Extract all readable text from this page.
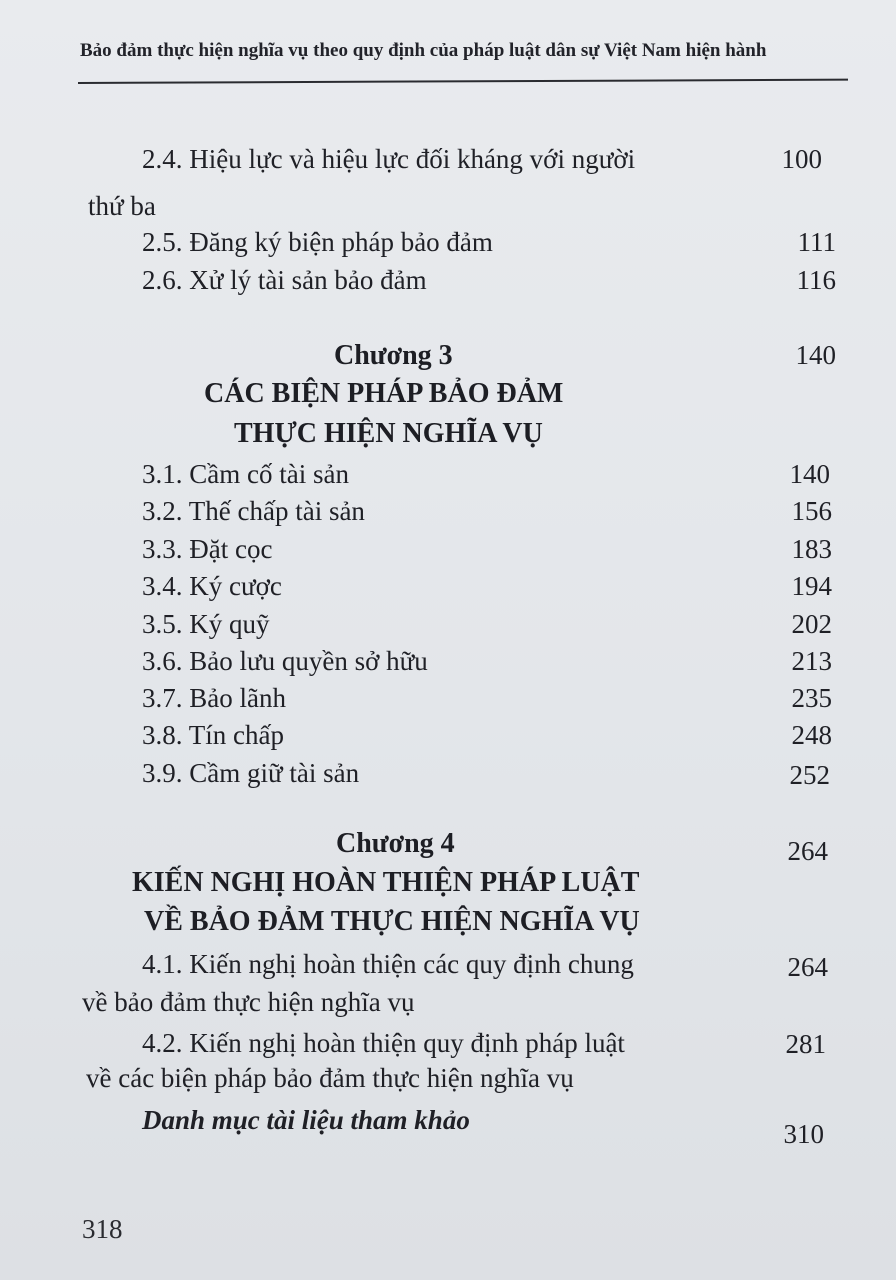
Bảo đảm thực hiện nghĩa vụ theo quy định của pháp luật dân sự Việt Nam hiện hành
2.4. Hiệu lực và hiệu lực đối kháng với người	100
thứ ba
2.5. Đăng ký biện pháp bảo đảm	111
2.6. Xử lý tài sản bảo đảm	116
Chương 3	140
CÁC BIỆN PHÁP BẢO ĐẢM
THỰC HIỆN NGHĨA VỤ
3.1. Cầm cố tài sản	140
3.2. Thế chấp tài sản	156
3.3. Đặt cọc	183
3.4. Ký cược	194
3.5. Ký quỹ	202
3.6. Bảo lưu quyền sở hữu	213
3.7. Bảo lãnh	235
3.8. Tín chấp	248
3.9. Cầm giữ tài sản	252
Chương 4	264
KIẾN NGHỊ HOÀN THIỆN PHÁP LUẬT
VỀ BẢO ĐẢM THỰC HIỆN NGHĨA VỤ
4.1. Kiến nghị hoàn thiện các quy định chung	264
về bảo đảm thực hiện nghĩa vụ
4.2. Kiến nghị hoàn thiện quy định pháp luật	281
về các biện pháp bảo đảm thực hiện nghĩa vụ
Danh mục tài liệu tham khảo	310
318
